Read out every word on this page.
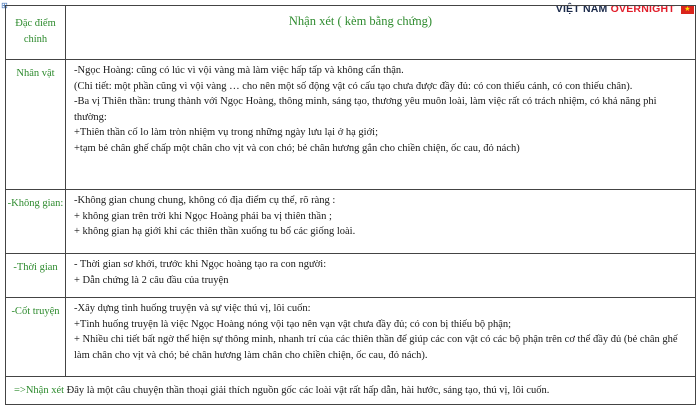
⊞	VIỆT NAM OVERNIGHT ★
Đặc điểm chính	Nhận xét ( kèm bằng chứng)

Nhân vật	-Ngọc Hoàng: cũng có lúc vì vội vàng mà làm việc hấp tấp và không cẩn thận.
(Chi tiết: một phần cũng vì vội vàng … cho nên một số động vật có cấu tạo chưa được đầy đủ: có con thiếu cánh, có con thiếu chân).
-Ba vị Thiên thần: trung thành với Ngọc Hoàng, thông minh, sáng tạo, thương yêu muôn loài, làm việc rất có trách nhiệm, có khả năng phi thường:
+Thiên thần cố lo làm tròn nhiệm vụ trong những ngày lưu lại ở hạ giới;
+tạm bẻ chân ghế chấp một chân cho vịt và con chó; bẻ chân hương gắn cho chiền chiện, ốc cau, đỏ nách)

-Không gian:	-Không gian chung chung, không có địa điểm cụ thể, rõ ràng :
+ không gian trên trời khi Ngọc Hoàng phái ba vị thiên thần ;
+ không gian hạ giới khi các thiên thần xuống tu bổ các giống loài.

-Thời gian	- Thời gian sơ khởi, trước khi Ngọc hoàng tạo ra con người:
+ Dẫn chứng là 2 câu đầu của truyện

-Cốt truyện	-Xây dựng tình huống truyện và sự việc thú vị, lôi cuốn:
+Tình huống truyện là việc Ngọc Hoàng nóng vội tạo nên vạn vật chưa đầy đủ; có con bị thiếu bộ phận;
+ Nhiều chi tiết bất ngờ thể hiện sự thông minh, nhanh trí của các thiên thần để giúp các con vật có các bộ phận trên cơ thể đầy đủ (bẻ chân ghế làm chân cho vịt và chó; bẻ chân hương làm chân cho chiền chiện, ốc cau, đỏ nách).

=>Nhận xét Đây là một câu chuyện thần thoại giải thích nguồn gốc các loài vật rất hấp dẫn, hài hước, sáng tạo, thú vị, lôi cuốn.	
